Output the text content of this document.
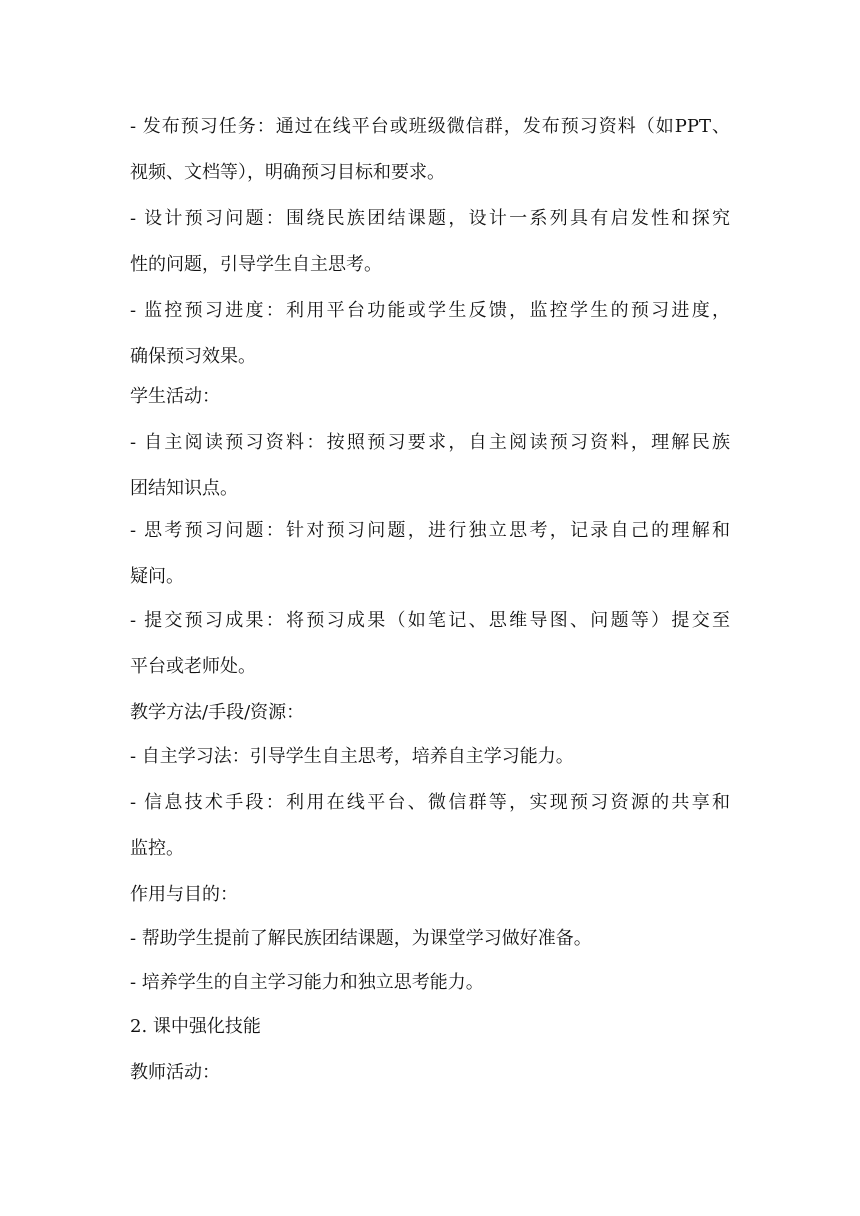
- 发布预习任务：通过在线平台或班级微信群，发布预习资料（如PPT、
视频、文档等），明确预习目标和要求。
- 设计预习问题：围绕民族团结课题，设计一系列具有启发性和探究
性的问题，引导学生自主思考。
- 监控预习进度：利用平台功能或学生反馈，监控学生的预习进度，
确保预习效果。
学生活动：
- 自主阅读预习资料：按照预习要求，自主阅读预习资料，理解民族
团结知识点。
- 思考预习问题：针对预习问题，进行独立思考，记录自己的理解和
疑问。
- 提交预习成果：将预习成果（如笔记、思维导图、问题等）提交至
平台或老师处。
教学方法/手段/资源：
- 自主学习法：引导学生自主思考，培养自主学习能力。
- 信息技术手段：利用在线平台、微信群等，实现预习资源的共享和
监控。
作用与目的：
- 帮助学生提前了解民族团结课题，为课堂学习做好准备。
- 培养学生的自主学习能力和独立思考能力。
2. 课中强化技能
教师活动：
